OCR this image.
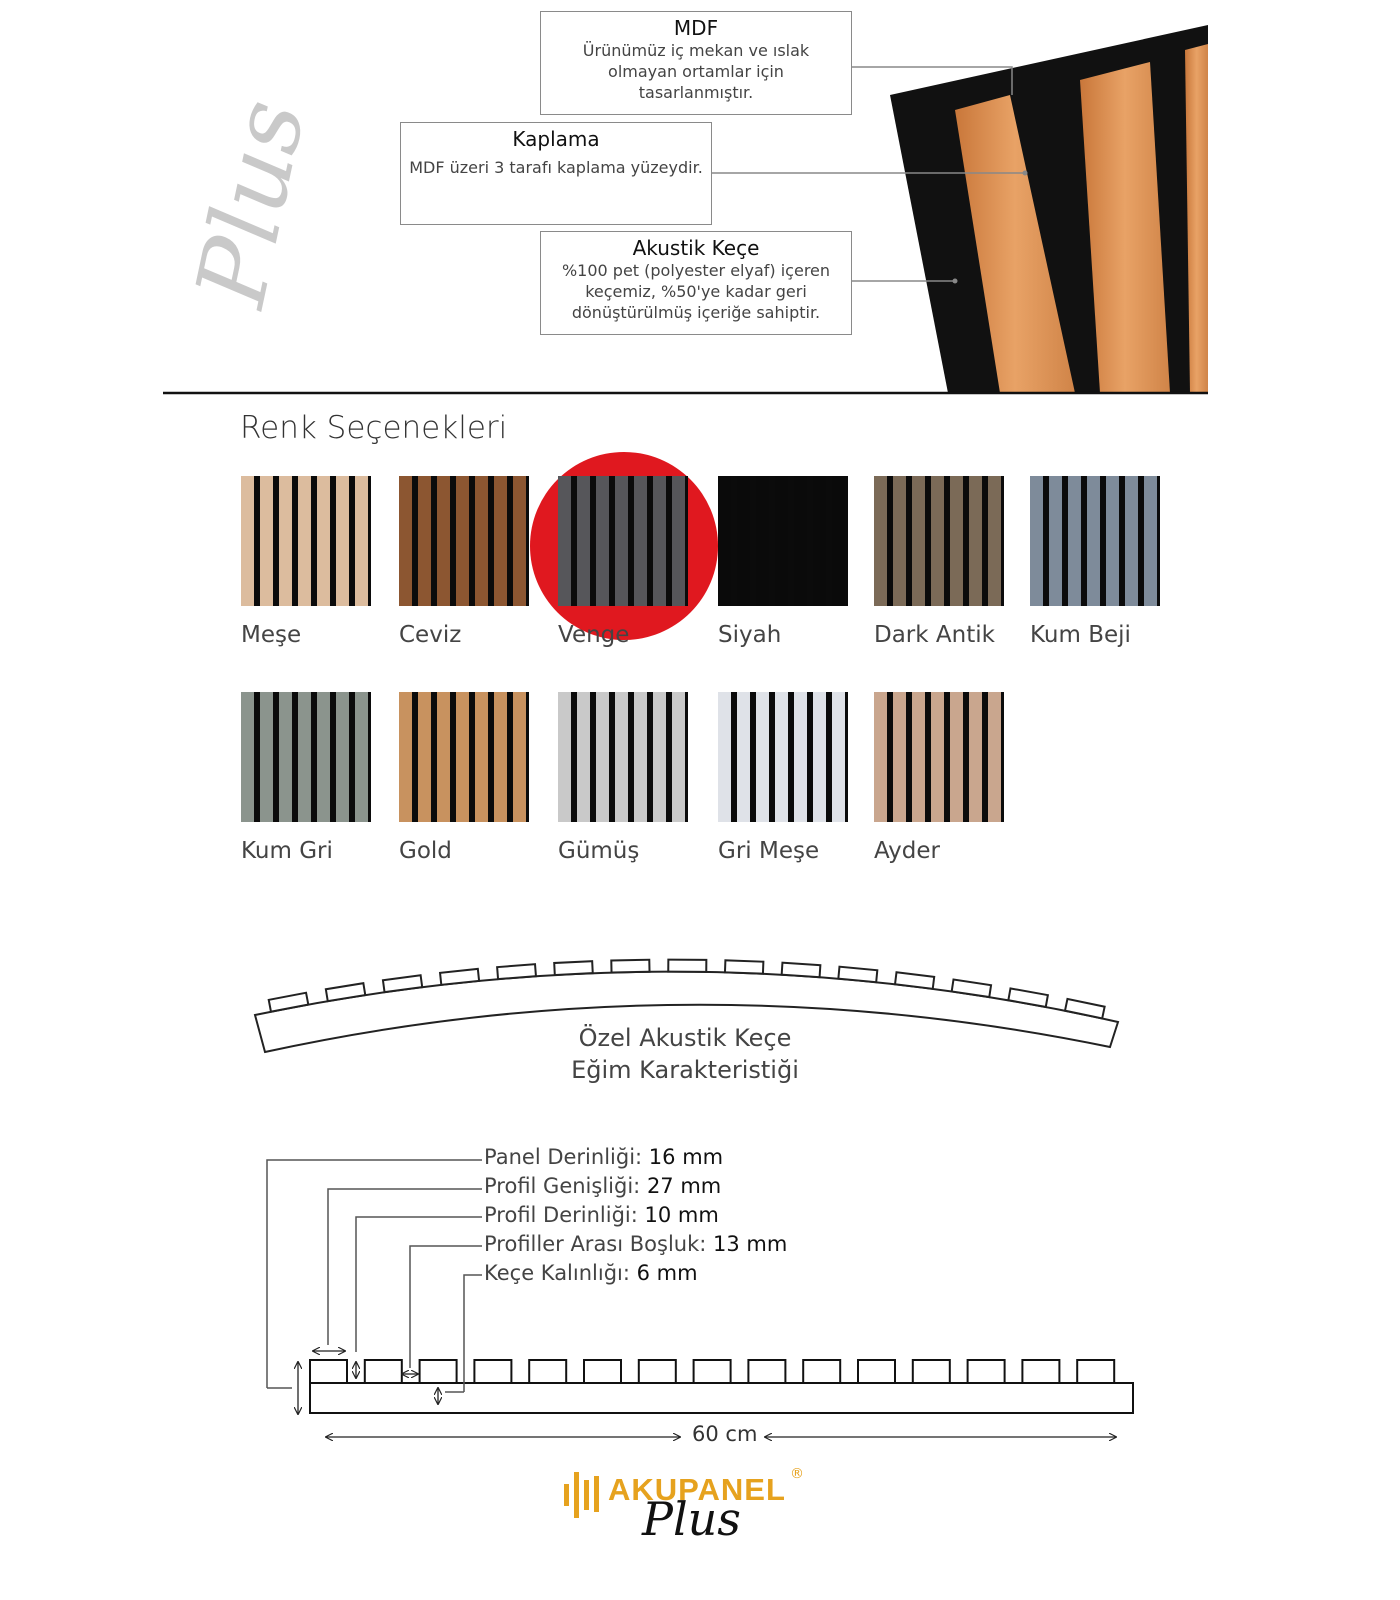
Plus
MDF
Ürünümüz iç mekan ve ıslak
olmayan ortamlar için
tasarlanmıştır.
Kaplama
MDF üzeri 3 tarafı kaplama yüzeydir.
Akustik Keçe
%100 pet (polyester elyaf) içeren
keçemiz, %50'ye kadar geri
dönüştürülmüş içeriğe sahiptir.
Renk Seçenekleri
Meşe	Ceviz	Venge	Siyah	Dark Antik Kum Beji
Kum Gri	Gold	Gümüş	Gri Meşe Ayder
Özel Akustik Keçe
Eğim Karakteristiği
Panel Derinliği: 16 mm
Profil Genişliği: 27 mm
Profil Derinliği: 10 mm
Profiller Arası Boşluk: 13 mm
Keçe Kalınlığı: 6 mm
60 cm
AKUPANEL ®
Plus
